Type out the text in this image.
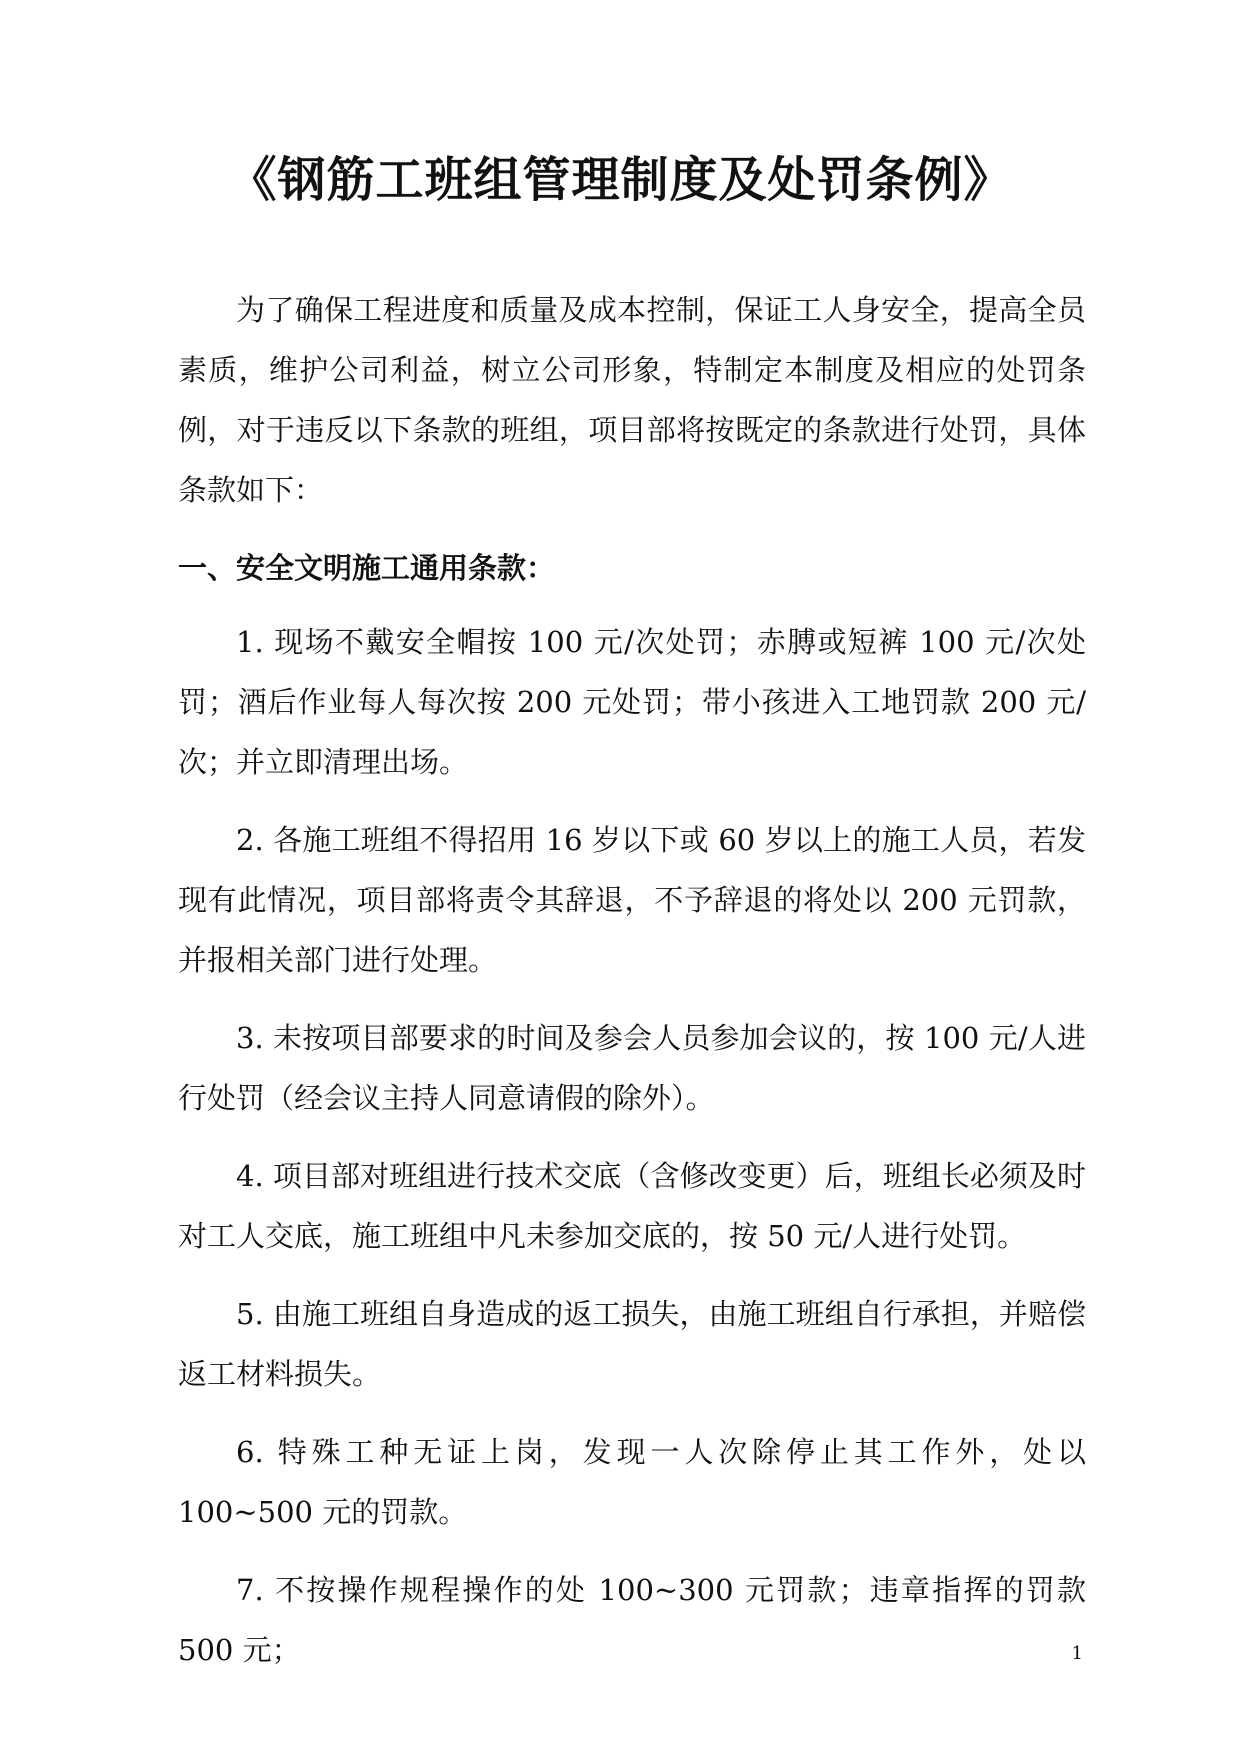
《钢筋工班组管理制度及处罚条例》

为了确保工程进度和质量及成本控制，保证工人身安全，提高全员素质，维护公司利益，树立公司形象，特制定本制度及相应的处罚条例，对于违反以下条款的班组，项目部将按既定的条款进行处罚，具体条款如下：

一、安全文明施工通用条款：

1. 现场不戴安全帽按 100 元/次处罚；赤膊或短裤 100 元/次处罚；酒后作业每人每次按 200 元处罚；带小孩进入工地罚款 200 元/次；并立即清理出场。

2. 各施工班组不得招用 16 岁以下或 60 岁以上的施工人员，若发现有此情况，项目部将责令其辞退，不予辞退的将处以 200 元罚款，并报相关部门进行处理。

3. 未按项目部要求的时间及参会人员参加会议的，按 100 元/人进行处罚（经会议主持人同意请假的除外）。

4. 项目部对班组进行技术交底（含修改变更）后，班组长必须及时对工人交底，施工班组中凡未参加交底的，按 50 元/人进行处罚。

5. 由施工班组自身造成的返工损失，由施工班组自行承担，并赔偿返工材料损失。

6. 特殊工种无证上岗，发现一人次除停止其工作外，处以 100~500 元的罚款。

7. 不按操作规程操作的处 100~300 元罚款；违章指挥的罚款 500 元；	1
